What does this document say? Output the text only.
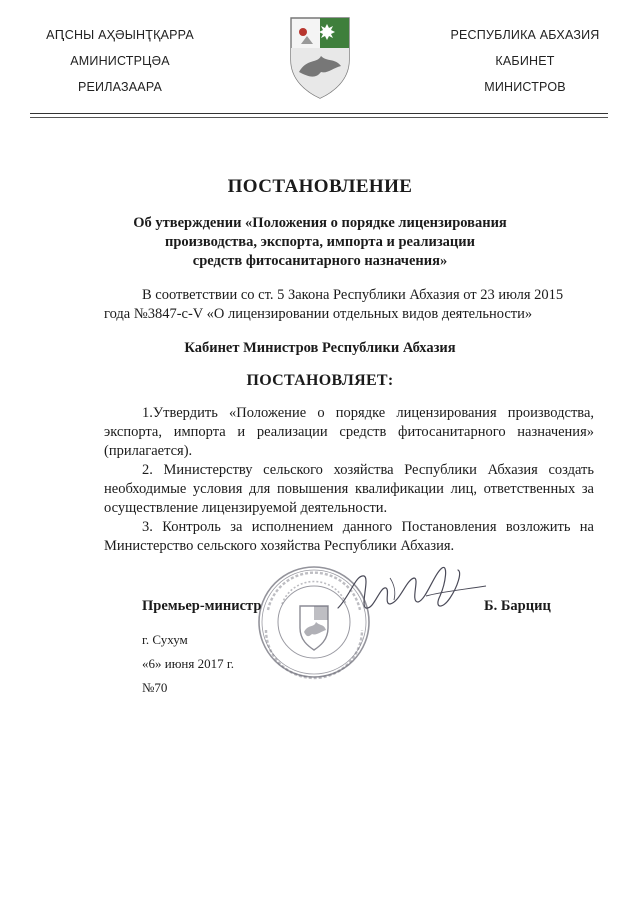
АԤСНЫ АҲӘЫНҬҚАРРА
АМИНИСТРЦӘА
РЕИЛАЗААРА
РЕСПУБЛИКА АБХАЗИЯ
КАБИНЕТ
МИНИСТРОВ
ПОСТАНОВЛЕНИЕ
Об утверждении «Положения о порядке лицензирования
производства, экспорта, импорта и реализации
средств фитосанитарного назначения»
В соответствии со ст. 5 Закона Республики Абхазия от 23 июля 2015
года №3847-с-V «О лицензировании отдельных видов деятельности»
Кабинет Министров Республики Абхазия
ПОСТАНОВЛЯЕТ:

1.Утвердить «Положение о порядке лицензирования производства, экспорта, импорта и реализации средств фитосанитарного назначения» (прилагается).

2. Министерству сельского хозяйства Республики Абхазия создать необходимые условия для повышения квалификации лиц, ответственных за осуществление лицензируемой деятельности.

3. Контроль за исполнением данного Постановления возложить на Министерство сельского хозяйства Республики Абхазия.

Премьер-министр	Б. Барциц
г. Сухум
«6» июня 2017 г.
№70
